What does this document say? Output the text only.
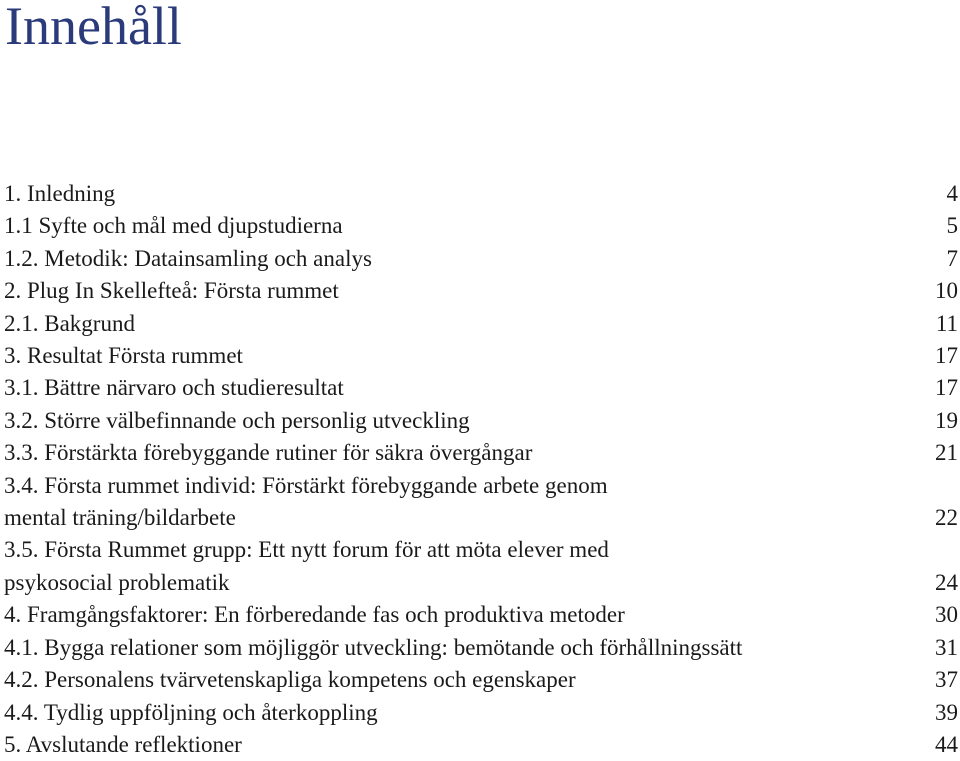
Innehåll
1. Inledning	4
1.1 Syfte och mål med djupstudierna	5
1.2. Metodik: Datainsamling och analys	7
2. Plug In Skellefteå: Första rummet	10
2.1. Bakgrund	11
3. Resultat Första rummet	17
3.1. Bättre närvaro och studieresultat	17
3.2. Större välbefinnande och personlig utveckling	19
3.3. Förstärkta förebyggande rutiner för säkra övergångar	21
3.4. Första rummet individ: Förstärkt förebyggande arbete genom
mental träning/bildarbete	22
3.5. Första Rummet grupp: Ett nytt forum för att möta elever med
psykosocial problematik	24
4. Framgångsfaktorer: En förberedande fas och produktiva metoder	30
4.1. Bygga relationer som möjliggör utveckling: bemötande och förhållningssätt	31
4.2. Personalens tvärvetenskapliga kompetens och egenskaper	37
4.4. Tydlig uppföljning och återkoppling	39
5. Avslutande reflektioner	44
